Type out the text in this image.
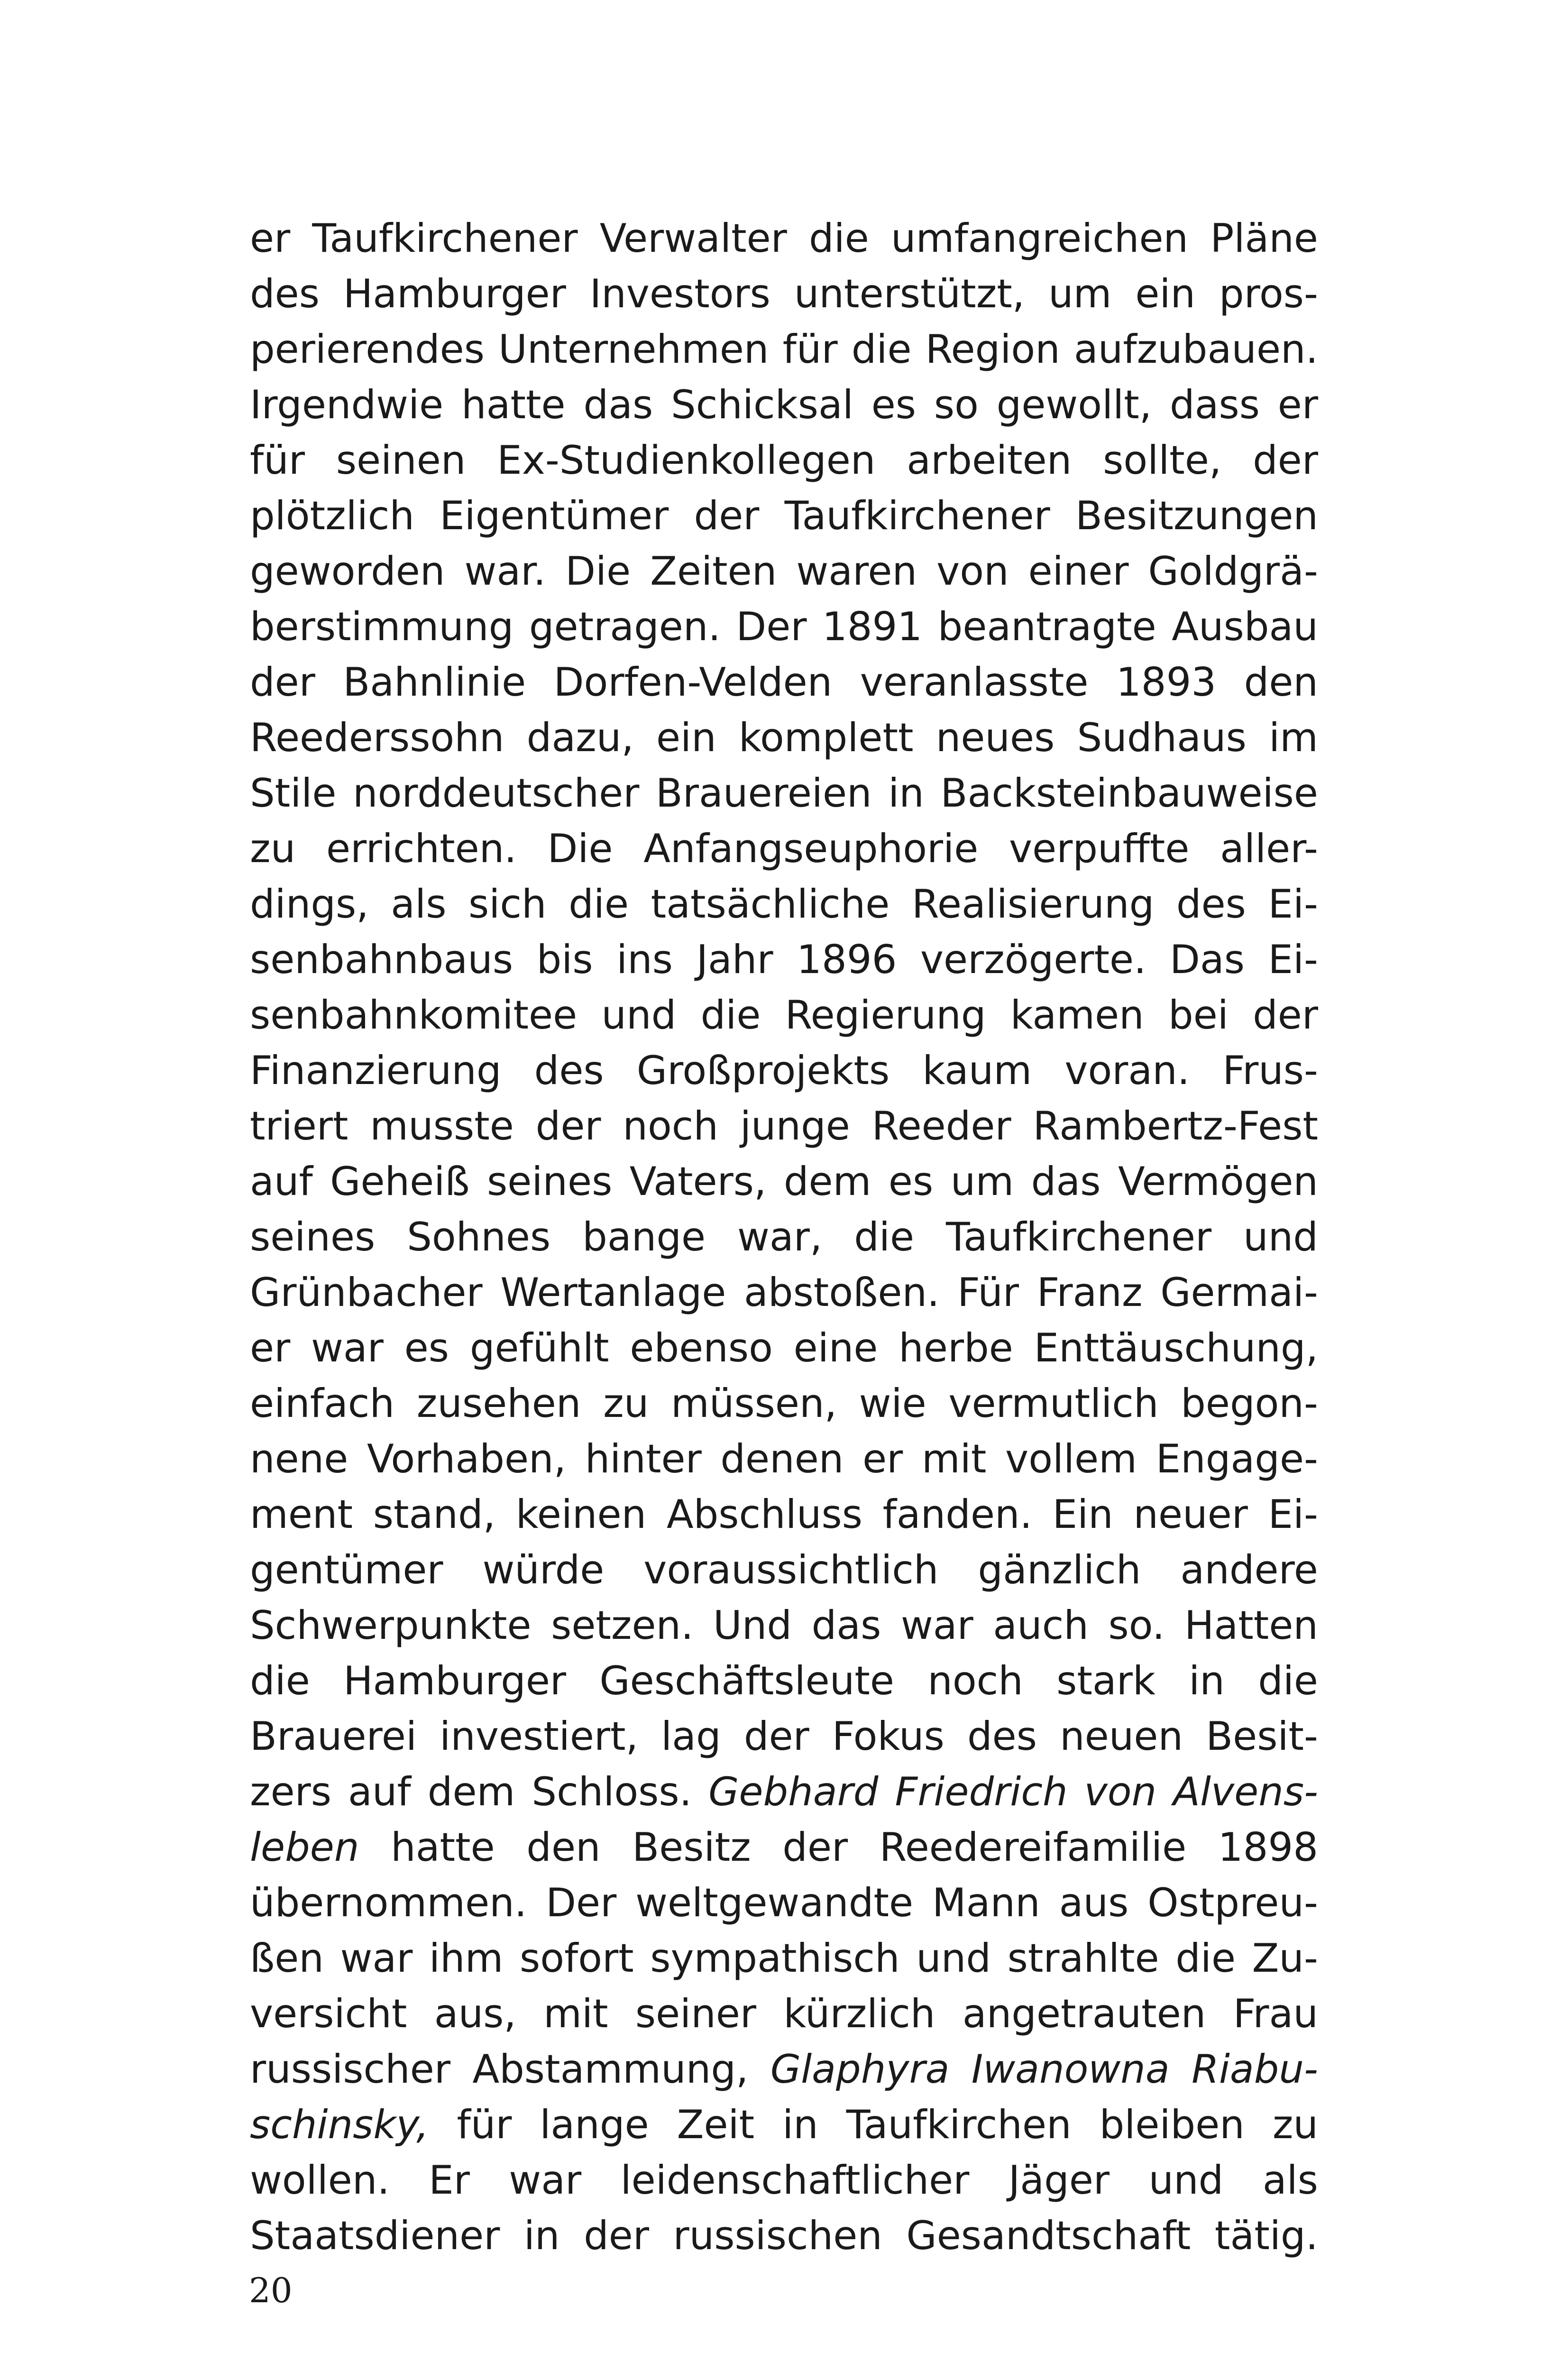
er Taufkirchener Verwalter die umfangreichen Pläne
des Hamburger Investors unterstützt, um ein pros-
perierendes Unternehmen für die Region aufzubauen.
Irgendwie hatte das Schicksal es so gewollt, dass er
für seinen Ex-Studienkollegen arbeiten sollte, der
plötzlich Eigentümer der Taufkirchener Besitzungen
geworden war. Die Zeiten waren von einer Goldgrä-
berstimmung getragen. Der 1891 beantragte Ausbau
der Bahnlinie Dorfen-Velden veranlasste 1893 den
Reederssohn dazu, ein komplett neues Sudhaus im
Stile norddeutscher Brauereien in Backsteinbauweise
zu errichten. Die Anfangseuphorie verpuffte aller-
dings, als sich die tatsächliche Realisierung des Ei-
senbahnbaus bis ins Jahr 1896 verzögerte. Das Ei-
senbahnkomitee und die Regierung kamen bei der
Finanzierung des Großprojekts kaum voran. Frus-
triert musste der noch junge Reeder Rambertz-Fest
auf Geheiß seines Vaters, dem es um das Vermögen
seines Sohnes bange war, die Taufkirchener und
Grünbacher Wertanlage abstoßen. Für Franz Germai-
er war es gefühlt ebenso eine herbe Enttäuschung,
einfach zusehen zu müssen, wie vermutlich begon-
nene Vorhaben, hinter denen er mit vollem Engage-
ment stand, keinen Abschluss fanden. Ein neuer Ei-
gentümer würde voraussichtlich gänzlich andere
Schwerpunkte setzen. Und das war auch so. Hatten
die Hamburger Geschäftsleute noch stark in die
Brauerei investiert, lag der Fokus des neuen Besit-
zers auf dem Schloss. Gebhard Friedrich von Alvens-
leben hatte den Besitz der Reedereifamilie 1898
übernommen. Der weltgewandte Mann aus Ostpreu-
ßen war ihm sofort sympathisch und strahlte die Zu-
versicht aus, mit seiner kürzlich angetrauten Frau
russischer Abstammung, Glaphyra Iwanowna Riabu-
schinsky, für lange Zeit in Taufkirchen bleiben zu
wollen. Er war leidenschaftlicher Jäger und als
Staatsdiener in der russischen Gesandtschaft tätig.
20
